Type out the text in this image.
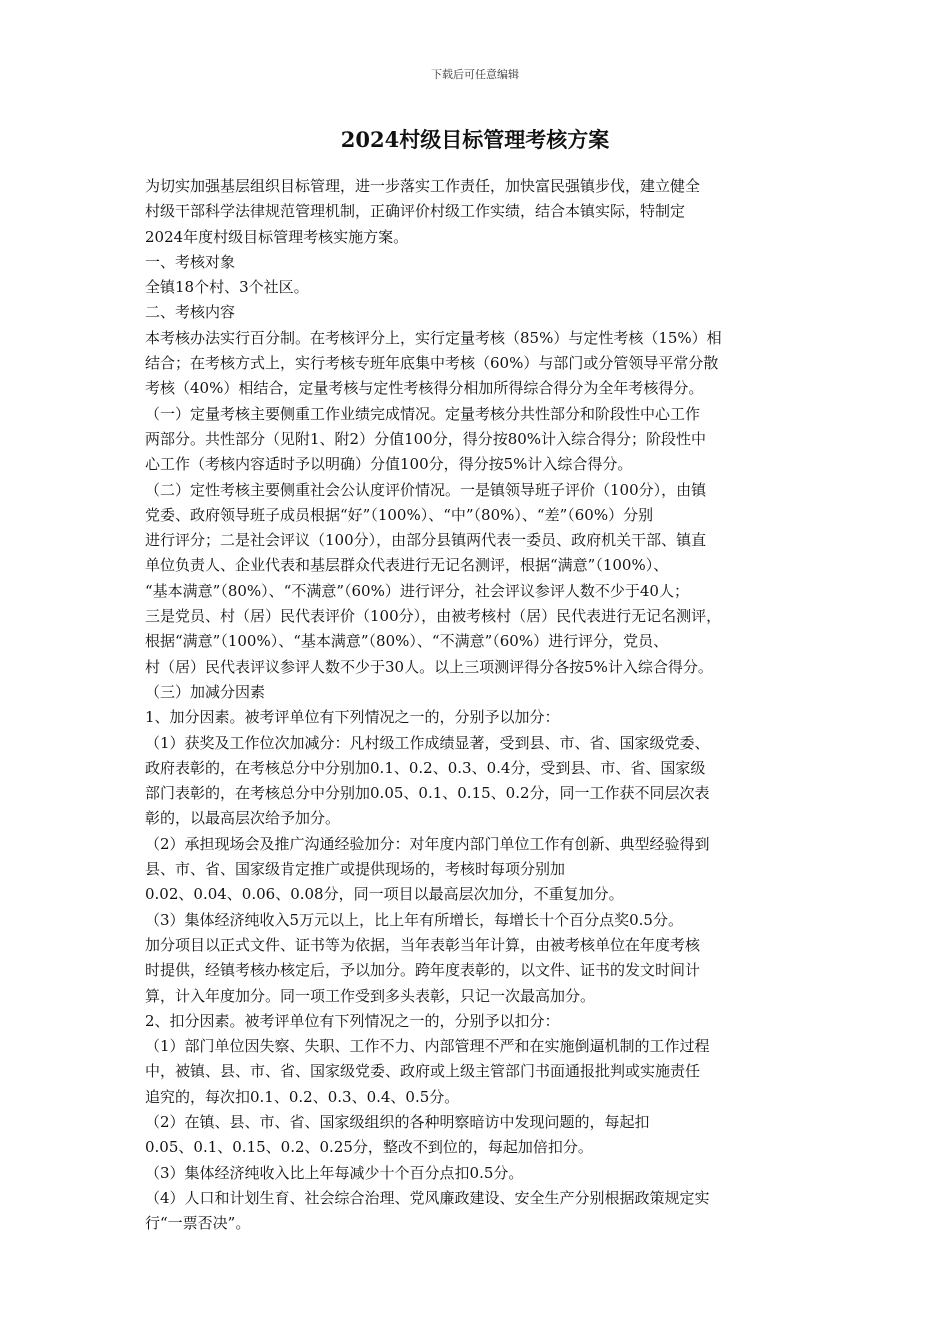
下载后可任意编辑
2024村级目标管理考核方案

为切实加强基层组织目标管理，进一步落实工作责任，加快富民强镇步伐，建立健全

村级干部科学法律规范管理机制，正确评价村级工作实绩，结合本镇实际，特制定

2024年度村级目标管理考核实施方案。

一、考核对象

全镇18个村、3个社区。

二、考核内容

本考核办法实行百分制。在考核评分上，实行定量考核（85%）与定性考核（15%）相

结合；在考核方式上，实行考核专班年底集中考核（60%）与部门或分管领导平常分散

考核（40%）相结合，定量考核与定性考核得分相加所得综合得分为全年考核得分。

（一）定量考核主要侧重工作业绩完成情况。定量考核分共性部分和阶段性中心工作

两部分。共性部分（见附1、附2）分值100分，得分按80%计入综合得分；阶段性中

心工作（考核内容适时予以明确）分值100分，得分按5%计入综合得分。

（二）定性考核主要侧重社会公认度评价情况。一是镇领导班子评价（100分），由镇

党委、政府领导班子成员根据“好”（100%）、“中”（80%）、“差”（60%）分别

进行评分；二是社会评议（100分），由部分县镇两代表一委员、政府机关干部、镇直

单位负责人、企业代表和基层群众代表进行无记名测评，根据“满意”（100%）、

“基本满意”（80%）、“不满意”（60%）进行评分，社会评议参评人数不少于40人；

三是党员、村（居）民代表评价（100分），由被考核村（居）民代表进行无记名测评，

根据“满意”（100%）、“基本满意”（80%）、“不满意”（60%）进行评分，党员、

村（居）民代表评议参评人数不少于30人。以上三项测评得分各按5%计入综合得分。

（三）加减分因素

1、加分因素。被考评单位有下列情况之一的，分别予以加分：

（1）获奖及工作位次加减分：凡村级工作成绩显著，受到县、市、省、国家级党委、

政府表彰的，在考核总分中分别加0.1、0.2、0.3、0.4分，受到县、市、省、国家级

部门表彰的，在考核总分中分别加0.05、0.1、0.15、0.2分，同一工作获不同层次表

彰的，以最高层次给予加分。

（2）承担现场会及推广沟通经验加分：对年度内部门单位工作有创新、典型经验得到

县、市、省、国家级肯定推广或提供现场的，考核时每项分别加

0.02、0.04、0.06、0.08分，同一项目以最高层次加分，不重复加分。

（3）集体经济纯收入5万元以上，比上年有所增长，每增长十个百分点奖0.5分。

加分项目以正式文件、证书等为依据，当年表彰当年计算，由被考核单位在年度考核

时提供，经镇考核办核定后，予以加分。跨年度表彰的，以文件、证书的发文时间计

算，计入年度加分。同一项工作受到多头表彰，只记一次最高加分。

2、扣分因素。被考评单位有下列情况之一的，分别予以扣分：

（1）部门单位因失察、失职、工作不力、内部管理不严和在实施倒逼机制的工作过程

中，被镇、县、市、省、国家级党委、政府或上级主管部门书面通报批判或实施责任

追究的，每次扣0.1、0.2、0.3、0.4、0.5分。

（2）在镇、县、市、省、国家级组织的各种明察暗访中发现问题的，每起扣

0.05、0.1、0.15、0.2、0.25分，整改不到位的，每起加倍扣分。

（3）集体经济纯收入比上年每减少十个百分点扣0.5分。

（4）人口和计划生育、社会综合治理、党风廉政建设、安全生产分别根据政策规定实

行“一票否决”。
